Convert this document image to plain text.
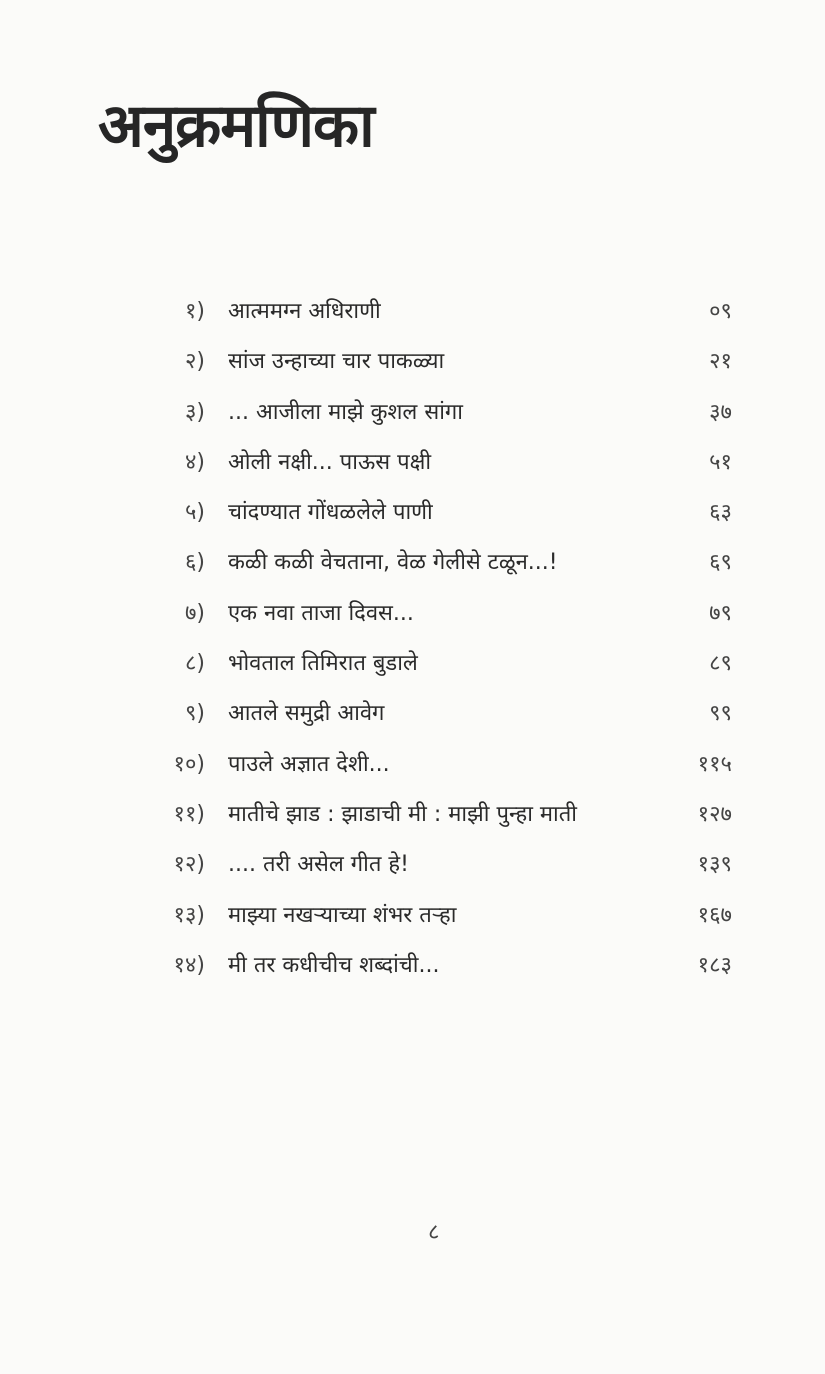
अनुक्रमणिका
१) आत्ममग्न अधिराणी	०९
२) सांज उन्हाच्या चार पाकळ्या	२१
३) ... आजीला माझे कुशल सांगा	३७
४) ओली नक्षी... पाऊस पक्षी	५१
५) चांदण्यात गोंधळलेले पाणी	६३
६) कळी कळी वेचताना, वेळ गेलीसे टळून...!	६९
७) एक नवा ताजा दिवस...	७९
८) भोवताल तिमिरात बुडाले	८९
९) आतले समुद्री आवेग	९९
१०) पाउले अज्ञात देशी...	११५
११) मातीचे झाड : झाडाची मी : माझी पुन्हा माती	१२७
१२) .... तरी असेल गीत हे!	१३९
१३) माझ्या नखऱ्याच्या शंभर तऱ्हा	१६७
१४) मी तर कधीचीच शब्दांची...	१८३
८
